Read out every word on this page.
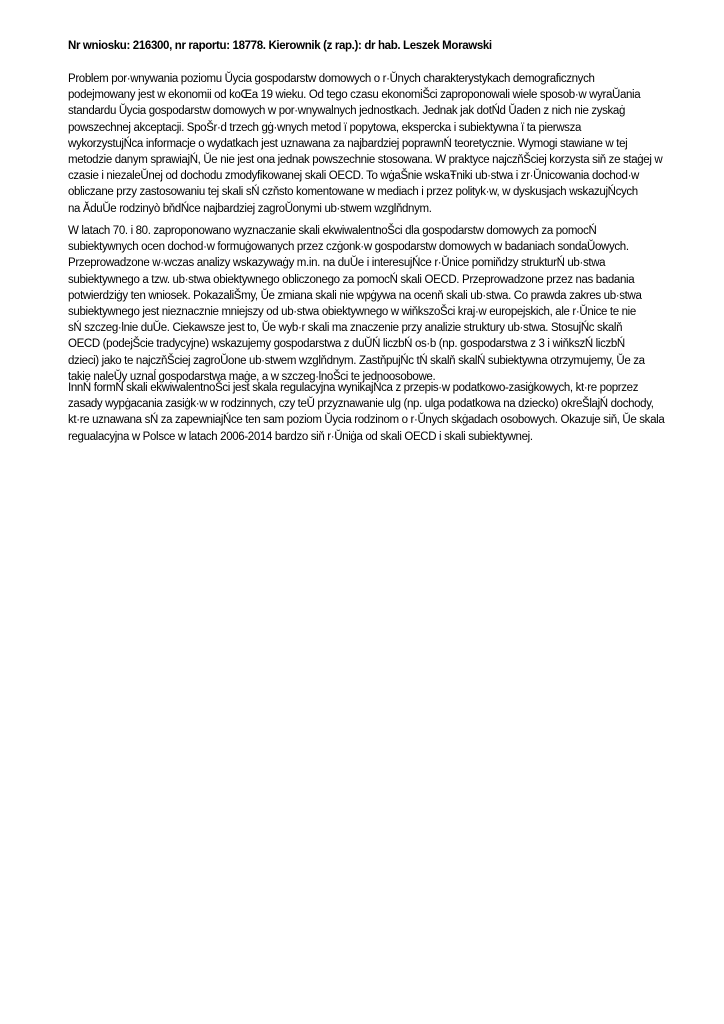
Nr wniosku: 216300, nr raportu: 18778. Kierownik (z rap.): dr hab. Leszek Morawski
Problem por·wnywania poziomu Ŭycia gospodarstw domowych o r·Ŭnych charakterystykach demograficznych
podejmowany jest w ekonomii od koŒa 19 wieku. Od tego czasu ekonomiŠci zaproponowali wiele sposob·w wyraŬania
standardu Ŭycia gospodarstw domowych w por·wnywalnych jednostkach. Jednak jak dotŃd Ŭaden z nich nie zyskaġ
powszechnej akceptacji. SpoŠr·d trzech gġ·wnych metod ï popytowa, ekspercka i subiektywna ï ta pierwsza
wykorzystujŃca informacje o wydatkach jest uznawana za najbardziej poprawnŃ teoretycznie. Wymogi stawiane w tej
metodzie danym sprawiajŃ, Ŭe nie jest ona jednak powszechnie stosowana. W praktyce najczňŠciej korzysta siň ze staġej w
czasie i niezaleŬnej od dochodu zmodyfikowanej skali OECD. To wġaŠnie wskaŦniki ub·stwa i zr·Ŭnicowania dochod·w
obliczane przy zastosowaniu tej skali sŃ czňsto komentowane w mediach i przez polityk·w, w dyskusjach wskazujŃcych
na ĂduŬe rodzinyò bňdŃce najbardziej zagroŬonymi ub·stwem wzglňdnym.
W latach 70. i 80. zaproponowano wyznaczanie skali ekwiwalentnoŠci dla gospodarstw domowych za pomocŃ
subiektywnych ocen dochod·w formuġowanych przez czġonk·w gospodarstw domowych w badaniach sondaŬowych.
Przeprowadzone w·wczas analizy wskazywaġy m.in. na duŬe i interesujŃce r·Ŭnice pomiňdzy strukturŃ ub·stwa
subiektywnego a tzw. ub·stwa obiektywnego obliczonego za pomocŃ skali OECD. Przeprowadzone przez nas badania
potwierdziġy ten wniosek. PokazaliŠmy, Ŭe zmiana skali nie wpġywa na ocenň skali ub·stwa. Co prawda zakres ub·stwa
subiektywnego jest nieznacznie mniejszy od ub·stwa obiektywnego w wiňkszoŠci kraj·w europejskich, ale r·Ŭnice te nie
sŃ szczeg·lnie duŬe. Ciekawsze jest to, Ŭe wyb·r skali ma znaczenie przy analizie struktury ub·stwa. StosujŃc skalň
OECD (podejŠcie tradycyjne) wskazujemy gospodarstwa z duŬŃ liczbŃ os·b (np. gospodarstwa z 3 i wiňkszŃ liczbŃ
dzieci) jako te najczňŠciej zagroŬone ub·stwem wzglňdnym. ZastňpujŃc tŃ skalň skalŃ subiektywna otrzymujemy, Ŭe za
takie naleŬy uznaĺ gospodarstwa maġe, a w szczeg·lnoŠci te jednoosobowe.
InnŃ formŃ skali ekwiwalentnoŠci jest skala regulacyjna wynikajŃca z przepis·w podatkowo-zasiġkowych, kt·re poprzez
zasady wypġacania zasiġk·w w rodzinnych, czy teŬ przyznawanie ulg (np. ulga podatkowa na dziecko) okreŠlajŃ dochody,
kt·re uznawana sŃ za zapewniajŃce ten sam poziom Ŭycia rodzinom o r·Ŭnych skġadach osobowych. Okazuje siň, Ŭe skala
regualacyjna w Polsce w latach 2006-2014 bardzo siň r·Ŭniġa od skali OECD i skali subiektywnej.
